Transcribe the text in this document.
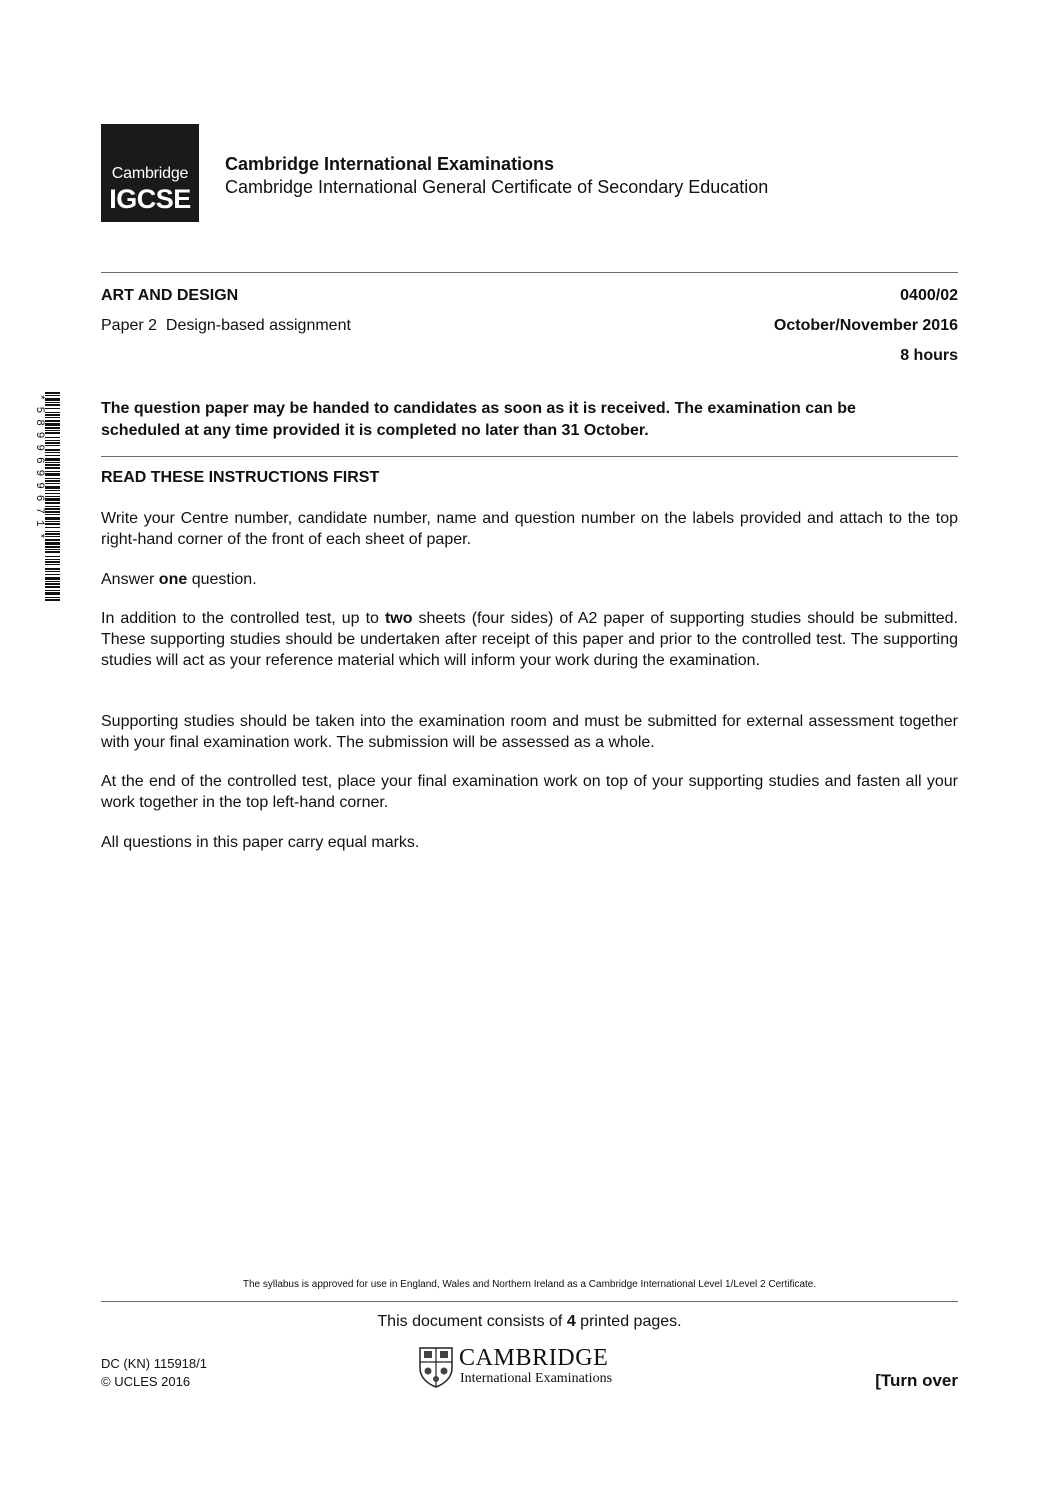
Cambridge
IGCSE
Cambridge International Examinations
Cambridge International General Certificate of Secondary Education
ART AND DESIGN	0400/02
Paper 2  Design-based assignment	October/November 2016
8 hours
*5899699671*	The question paper may be handed to candidates as soon as it is received. The examination can be
scheduled at any time provided it is completed no later than 31 October.
READ THESE INSTRUCTIONS FIRST
Write your Centre number, candidate number, name and question number on the labels provided and attach to the top right-hand corner of the front of each sheet of paper.
Answer one question.
In addition to the controlled test, up to two sheets (four sides) of A2 paper of supporting studies should be submitted. These supporting studies should be undertaken after receipt of this paper and prior to the controlled test. The supporting studies will act as your reference material which will inform your work during the examination.
Supporting studies should be taken into the examination room and must be submitted for external assessment together with your final examination work. The submission will be assessed as a whole.
At the end of the controlled test, place your final examination work on top of your supporting studies and fasten all your work together in the top left-hand corner.
All questions in this paper carry equal marks.
The syllabus is approved for use in England, Wales and Northern Ireland as a Cambridge International Level 1/Level 2 Certificate.
This document consists of 4 printed pages.
DC (KN) 115918/1
© UCLES 2016
CAMBRIDGE
International Examinations	[Turn over
